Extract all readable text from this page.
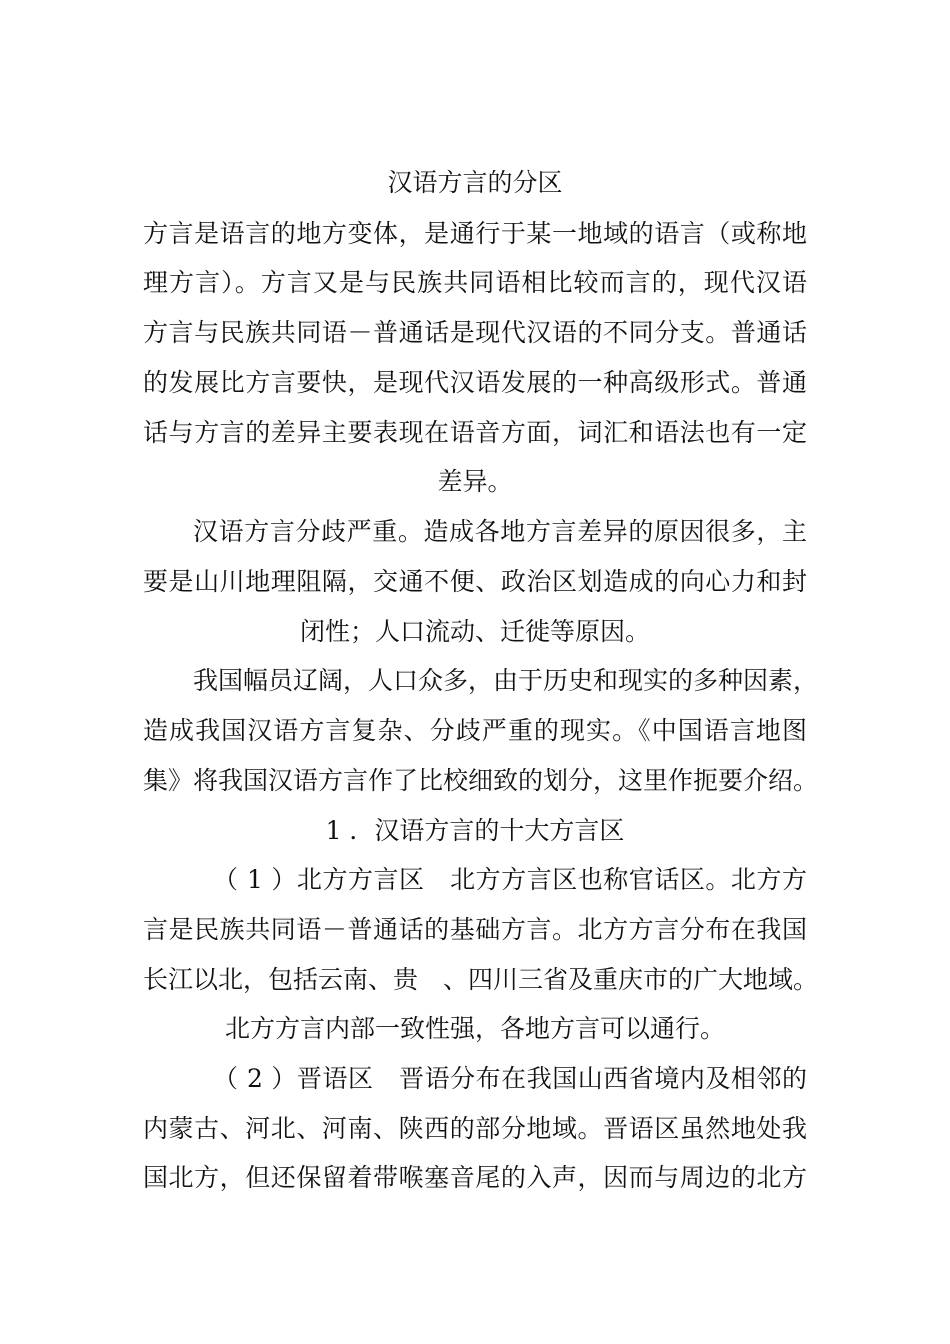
汉语方言的分区
方言是语言的地方变体，是通行于某一地域的语言（或称地
理方言）。方言又是与民族共同语相比较而言的，现代汉语
方言与民族共同语－普通话是现代汉语的不同分支。普通话
的发展比方言要快，是现代汉语发展的一种高级形式。普通
话与方言的差异主要表现在语音方面，词汇和语法也有一定
差异。
汉语方言分歧严重。造成各地方言差异的原因很多，主
要是山川地理阻隔，交通不便、政治区划造成的向心力和封
闭性；人口流动、迁徙等原因。
我国幅员辽阔，人口众多，由于历史和现实的多种因素，
造成我国汉语方言复杂、分歧严重的现实。《中国语言地图
集》将我国汉语方言作了比校细致的划分，这里作扼要介绍。
1 ．汉语方言的十大方言区
（ 1 ）北方方言区　北方方言区也称官话区。北方方
言是民族共同语－普通话的基础方言。北方方言分布在我国
长江以北，包括云南、贵　、四川三省及重庆市的广大地域。
北方方言内部一致性强，各地方言可以通行。
（ 2 ）晋语区　晋语分布在我国山西省境内及相邻的
内蒙古、河北、河南、陕西的部分地域。晋语区虽然地处我
国北方，但还保留着带喉塞音尾的入声，因而与周边的北方
